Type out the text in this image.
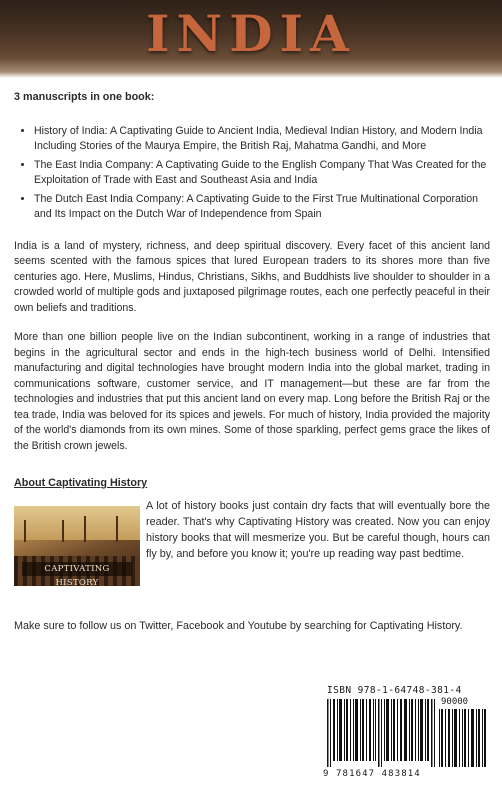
INDIA
3 manuscripts in one book:
• History of India: A Captivating Guide to Ancient India, Medieval Indian History, and Modern India Including Stories of the Maurya Empire, the British Raj, Mahatma Gandhi, and More
• The East India Company: A Captivating Guide to the English Company That Was Created for the Exploitation of Trade with East and Southeast Asia and India
• The Dutch East India Company: A Captivating Guide to the First True Multinational Corporation and Its Impact on the Dutch War of Independence from Spain

India is a land of mystery, richness, and deep spiritual discovery. Every facet of this ancient land seems scented with the famous spices that lured European traders to its shores more than five centuries ago. Here, Muslims, Hindus, Christians, Sikhs, and Buddhists live shoulder to shoulder in a crowded world of multiple gods and juxtaposed pilgrimage routes, each one perfectly peaceful in their own beliefs and traditions.

More than one billion people live on the Indian subcontinent, working in a range of industries that begins in the agricultural sector and ends in the high-tech business world of Delhi. Intensified manufacturing and digital technologies have brought modern India into the global market, trading in communications software, customer service, and IT management—but these are far from the technologies and industries that put this ancient land on every map. Long before the British Raj or the tea trade, India was beloved for its spices and jewels. For much of history, India provided the majority of the world's diamonds from its own mines. Some of those sparkling, perfect gems grace the likes of the British crown jewels.

About Captivating History
CAPTIVATING HISTORY
A lot of history books just contain dry facts that will eventually bore the reader. That's why Captivating History was created. Now you can enjoy history books that will mesmerize you. But be careful though, hours can fly by, and before you know it; you're up reading way past bedtime.

Make sure to follow us on Twitter, Facebook and Youtube by searching for Captivating History.

ISBN 978-1-64748-381-4
90000
9 781647 483814
